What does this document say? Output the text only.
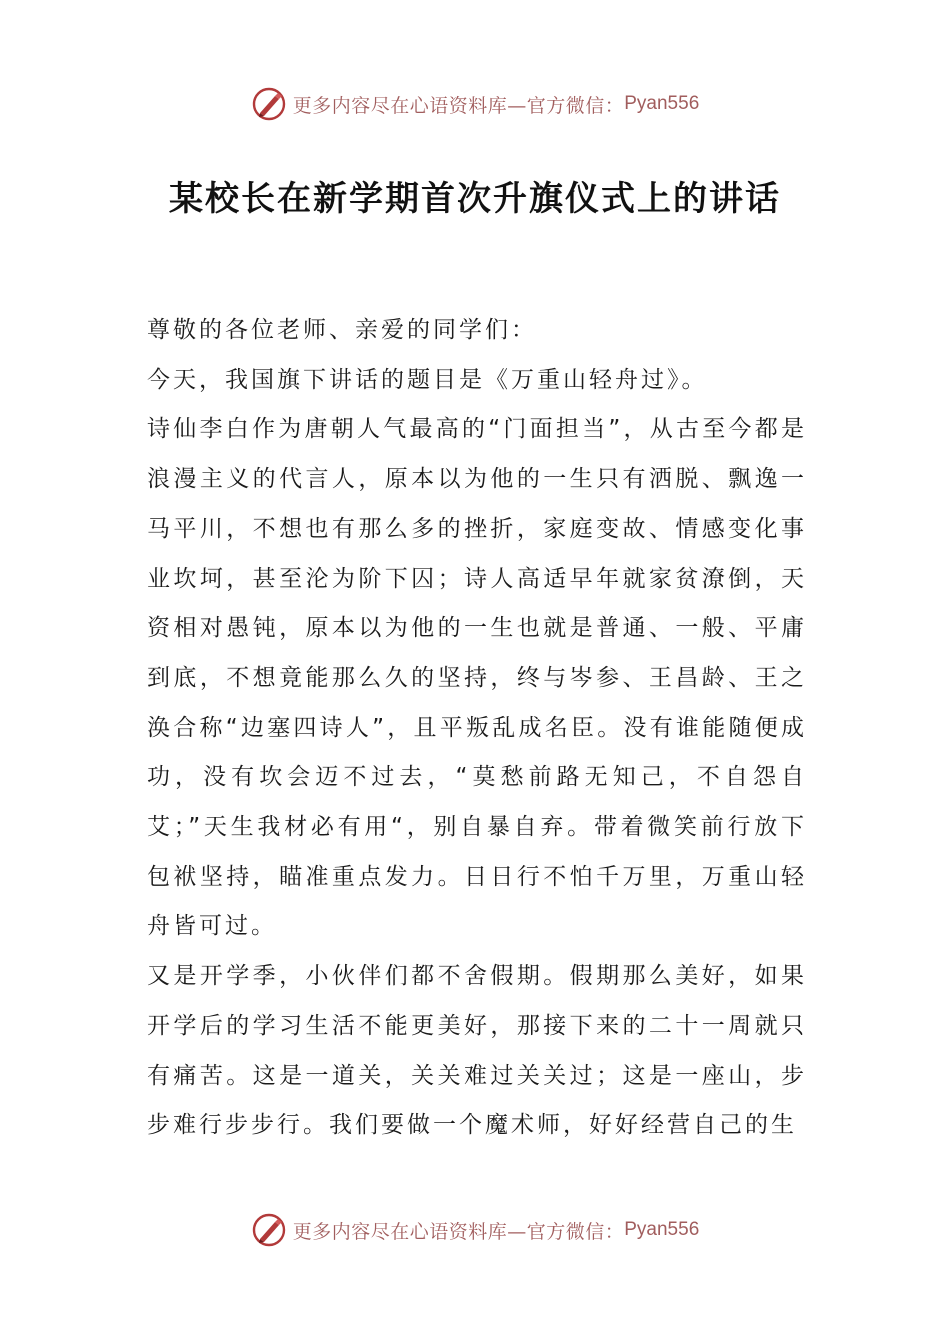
更多内容尽在心语资料库—官方微信： Pyan556
某校长在新学期首次升旗仪式上的讲话

尊敬的各位老师、亲爱的同学们：

今天，我国旗下讲话的题目是《万重山轻舟过》。

诗仙李白作为唐朝人气最高的“门面担当”，从古至今都是浪漫主义的代言人，原本以为他的一生只有洒脱、飘逸一马平川，不想也有那么多的挫折，家庭变故、情感变化事业坎坷，甚至沦为阶下囚；诗人高适早年就家贫潦倒，天资相对愚钝，原本以为他的一生也就是普通、一般、平庸到底，不想竟能那么久的坚持，终与岑参、王昌龄、王之涣合称“边塞四诗人”，且平叛乱成名臣。没有谁能随便成功，没有坎会迈不过去，“莫愁前路无知己，不自怨自艾；”天生我材必有用“，别自暴自弃。带着微笑前行放下包袱坚持，瞄准重点发力。日日行不怕千万里，万重山轻舟皆可过。

又是开学季，小伙伴们都不舍假期。假期那么美好，如果开学后的学习生活不能更美好，那接下来的二十一周就只有痛苦。这是一道关，关关难过关关过；这是一座山，步步难行步步行。我们要做一个魔术师，好好经营自己的生

更多内容尽在心语资料库—官方微信： Pyan556
